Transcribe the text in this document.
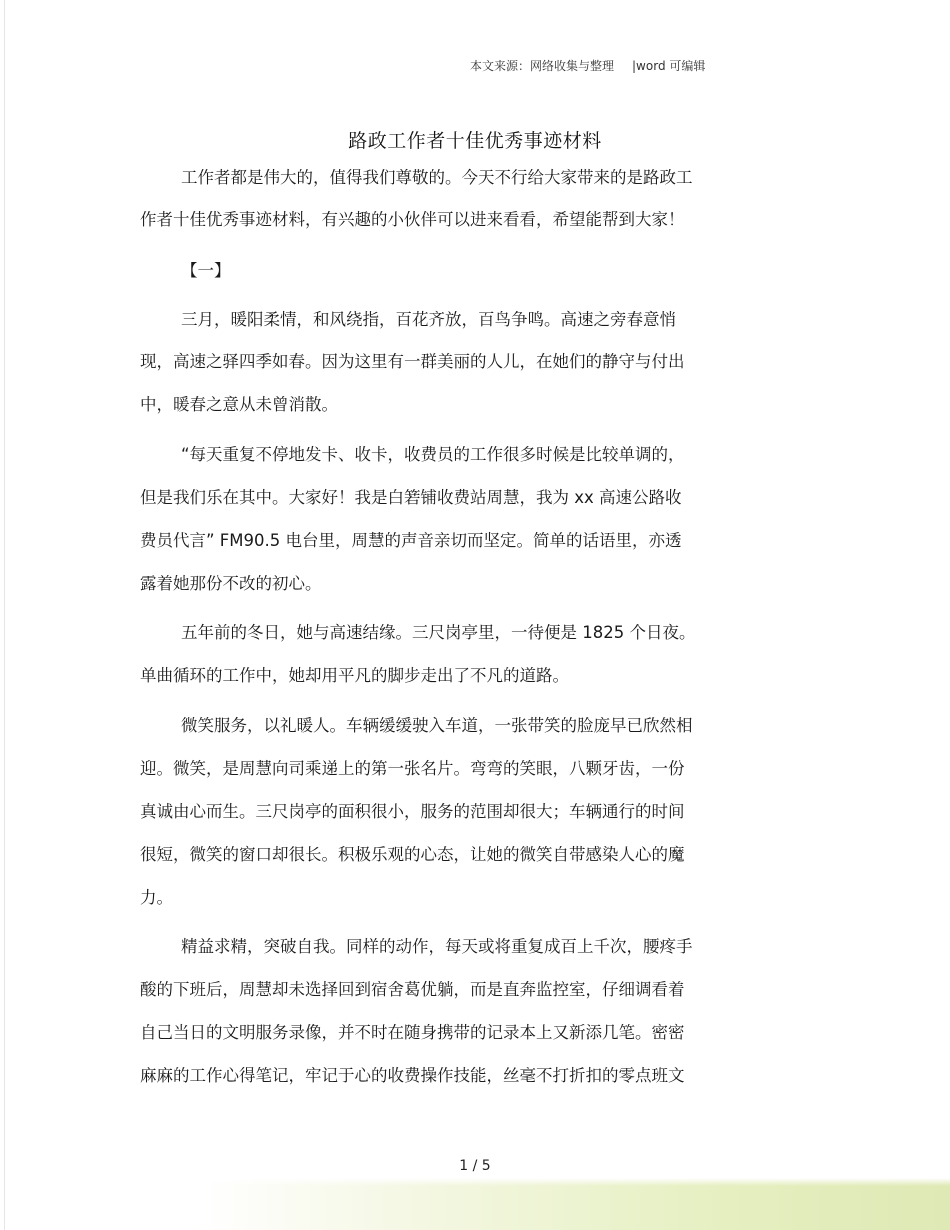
本文来源：网络收集与整理 |word 可编辑
路政工作者十佳优秀事迹材料
工作者都是伟大的，值得我们尊敬的。今天不行给大家带来的是路政工
作者十佳优秀事迹材料，有兴趣的小伙伴可以进来看看，希望能帮到大家！
【一】
三月，暖阳柔情，和风绕指，百花齐放，百鸟争鸣。高速之旁春意悄
现，高速之驿四季如春。因为这里有一群美丽的人儿，在她们的静守与付出
中，暖春之意从未曾消散。
“每天重复不停地发卡、收卡，收费员的工作很多时候是比较单调的，
但是我们乐在其中。大家好！我是白箬铺收费站周慧，我为 xx 高速公路收
费员代言” FM90.5 电台里，周慧的声音亲切而坚定。简单的话语里，亦透
露着她那份不改的初心。
五年前的冬日，她与高速结缘。三尺岗亭里，一待便是 1825 个日夜。
单曲循环的工作中，她却用平凡的脚步走出了不凡的道路。
微笑服务，以礼暖人。车辆缓缓驶入车道，一张带笑的脸庞早已欣然相
迎。微笑，是周慧向司乘递上的第一张名片。弯弯的笑眼，八颗牙齿，一份
真诚由心而生。三尺岗亭的面积很小，服务的范围却很大；车辆通行的时间
很短，微笑的窗口却很长。积极乐观的心态，让她的微笑自带感染人心的魔
力。
精益求精，突破自我。同样的动作，每天或将重复成百上千次，腰疼手
酸的下班后，周慧却未选择回到宿舍葛优躺，而是直奔监控室，仔细调看着
自己当日的文明服务录像，并不时在随身携带的记录本上又新添几笔。密密
麻麻的工作心得笔记，牢记于心的收费操作技能，丝毫不打折扣的零点班文
1 / 5
